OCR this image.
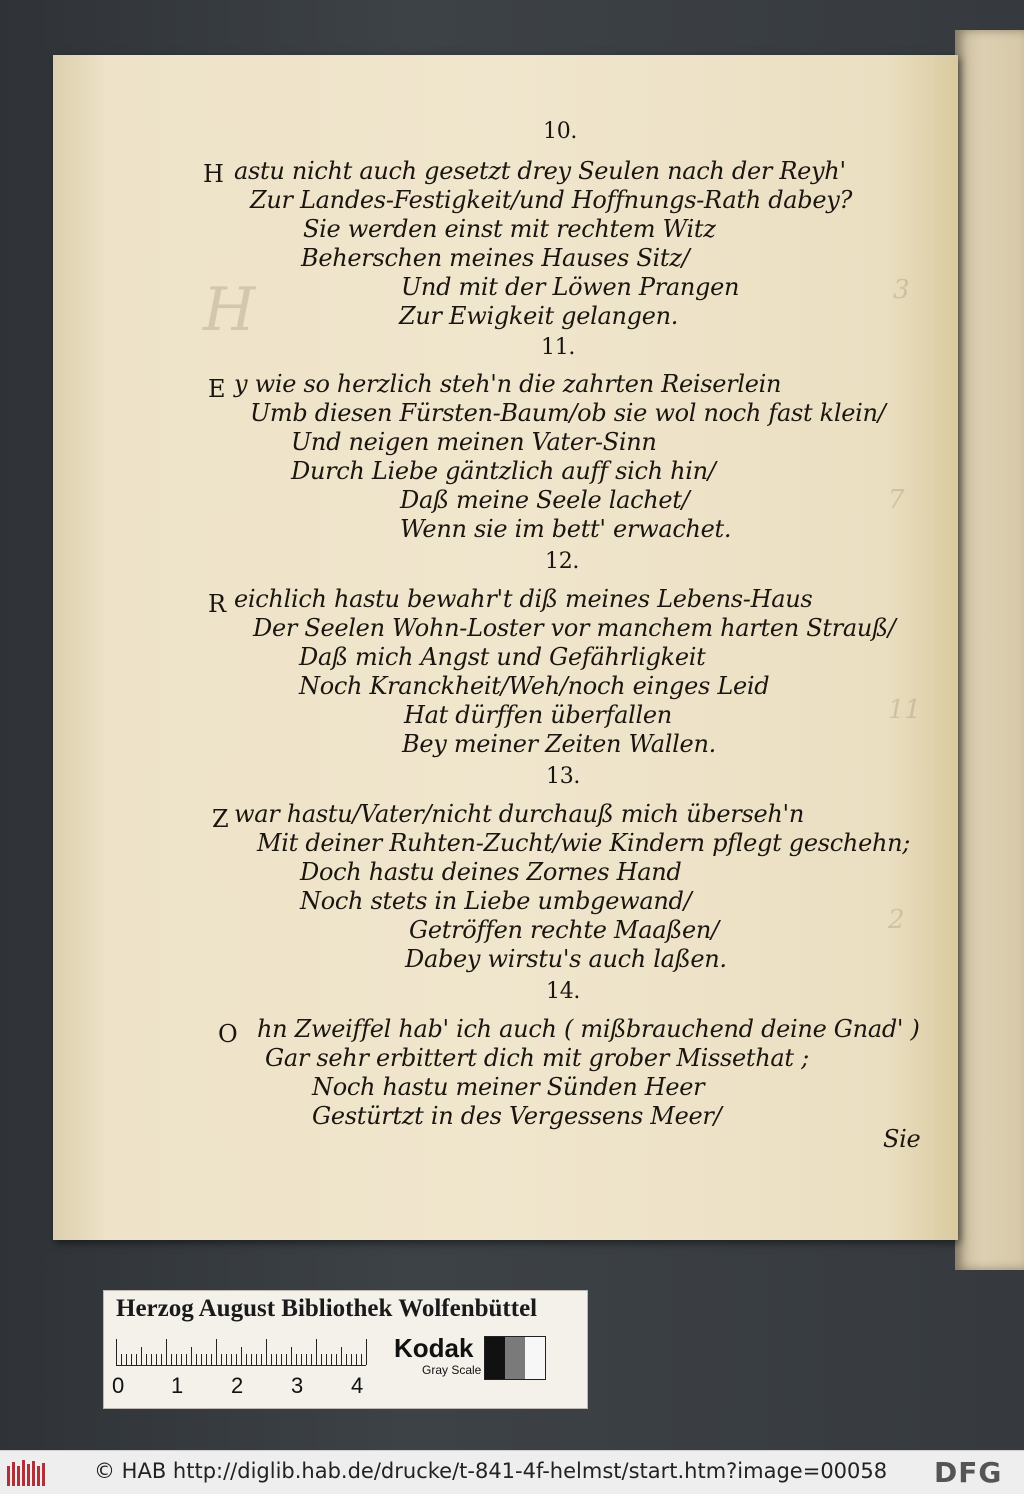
H	3
7
11
2
10.
H astu nicht auch gesetzt drey Seulen nach der Reyh'
Zur Landes-Festigkeit/und Hoffnungs-Rath dabey?
Sie werden einst mit rechtem Witz
Beherschen meines Hauses Sitz/
Und mit der Löwen Prangen
Zur Ewigkeit gelangen.
11.
E y wie so herzlich steh'n die zahrten Reiserlein
Umb diesen Fürsten-Baum/ob sie wol noch fast klein/
Und neigen meinen Vater-Sinn
Durch Liebe gäntzlich auff sich hin/
Daß meine Seele lachet/
Wenn sie im bett' erwachet.
12.
R eichlich hastu bewahr't diß meines Lebens-Haus
Der Seelen Wohn-Loster vor manchem harten Strauß/
Daß mich Angst und Gefährligkeit
Noch Kranckheit/Weh/noch einges Leid
Hat dürffen überfallen
Bey meiner Zeiten Wallen.
13.
Z war hastu/Vater/nicht durchauß mich überseh'n
Mit deiner Ruhten-Zucht/wie Kindern pflegt geschehn;
Doch hastu deines Zornes Hand
Noch stets in Liebe umbgewand/
Getröffen rechte Maaßen/
Dabey wirstu's auch laßen.
14.
O hn Zweiffel hab' ich auch ( mißbrauchend deine Gnad' )
Gar sehr erbittert dich mit grober Missethat ;
Noch hastu meiner Sünden Heer
Gestürtzt in des Vergessens Meer/
Sie
Herzog August Bibliothek Wolfenbüttel
0 1 2 3 4
Kodak
Gray Scale
© HAB http://diglib.hab.de/drucke/t-841-4f-helmst/start.htm?image=00058 DFG
